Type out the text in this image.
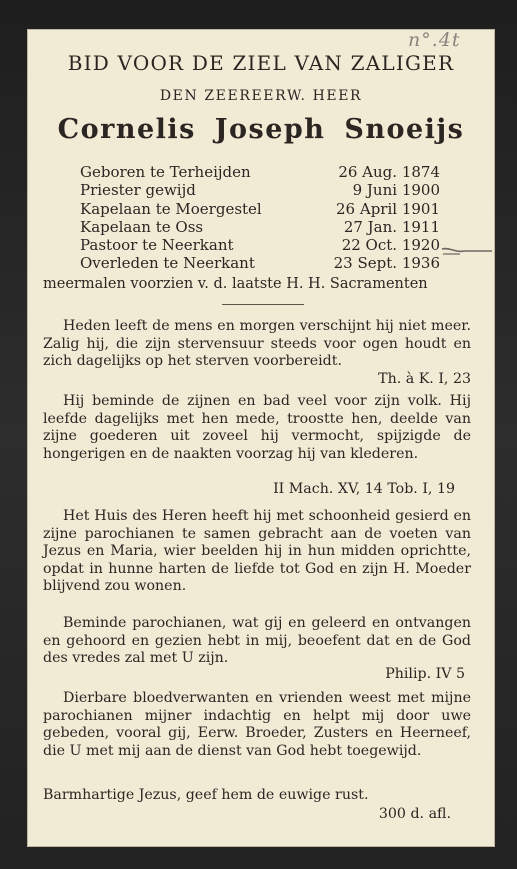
n°.4t
BID VOOR DE ZIEL VAN ZALIGER
DEN ZEEREERW. HEER
Cornelis Joseph Snoeijs
Geboren te Terheijden	26 Aug. 1874
Priester gewijd	9 Juni 1900
Kapelaan te Moergestel	26 April 1901
Kapelaan te Oss	27 Jan. 1911
Pastoor te Neerkant	22 Oct. 1920
Overleden te Neerkant	23 Sept. 1936
meermalen voorzien v. d. laatste H. H. Sacramenten
Heden leeft de mens en morgen verschijnt hij niet meer. Zalig hij, die zijn stervensuur steeds voor ogen houdt en zich dagelijks op het sterven voorbereidt.
Th. à K. I, 23
Hij beminde de zijnen en bad veel voor zijn volk. Hij leefde dagelijks met hen mede, troostte hen, deelde van zijne goederen uit zoveel hij vermocht, spijzigde de hongerigen en de naakten voorzag hij van klederen.
II Mach. XV, 14 Tob. I, 19
Het Huis des Heren heeft hij met schoonheid gesierd en zijne parochianen te samen gebracht aan de voeten van Jezus en Maria, wier beelden hij in hun midden oprichtte, opdat in hunne harten de liefde tot God en zijn H. Moeder blijvend zou wonen.
Beminde parochianen, wat gij en geleerd en ontvangen en gehoord en gezien hebt in mij, beoefent dat en de God des vredes zal met U zijn.
Philip. IV 5
Dierbare bloedverwanten en vrienden weest met mijne parochianen mijner indachtig en helpt mij door uwe gebeden, vooral gij, Eerw. Broeder, Zusters en Heerneef, die U met mij aan de dienst van God hebt toegewijd.
Barmhartige Jezus, geef hem de euwige rust.
300 d. afl.
